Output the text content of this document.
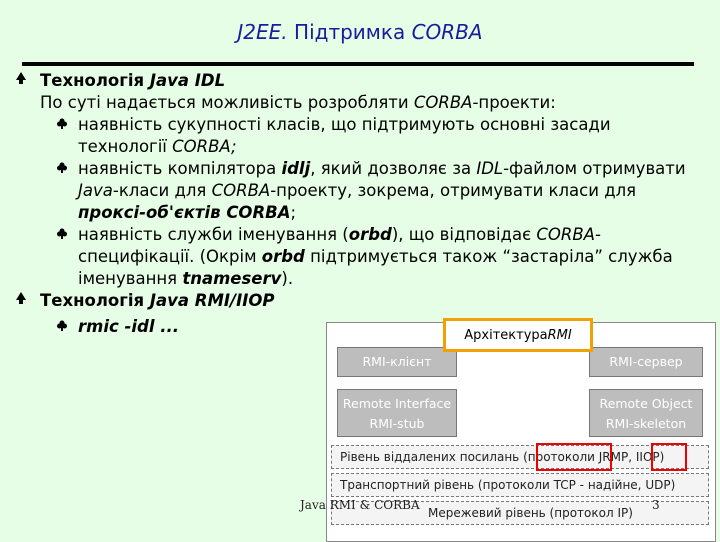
J2EE. Підтримка CORBA
Технологія Java IDL
По суті надається можливість розробляти CORBA-проекти:
наявність сукупності класів, що підтримують основні засади технології CORBA;
наявність компілятора idlj, який дозволяє за IDL-файлом отримувати Java-класи для CORBA-проекту, зокрема, отримувати класи для проксі-об'єктів CORBA;
наявність служби іменування (orbd), що відповідає CORBA-специфікації. (Окрім orbd підтримується також “застаріла” служба іменування tnameserv).
Технологія Java RMI/IIOP
rmic -idl ...
RMI-клієнт	RMI-сервер
Remote Interface
RMI-stub
Remote Object
RMI-skeleton
Рівень віддалених посилань (протоколи JRMP, IIOP)
Транспортний рівень (протоколи TCP - надійне, UDP)
Мережевий рівень (протокол IP)
Архітектура RMI
Java RMI & CORBA	3
